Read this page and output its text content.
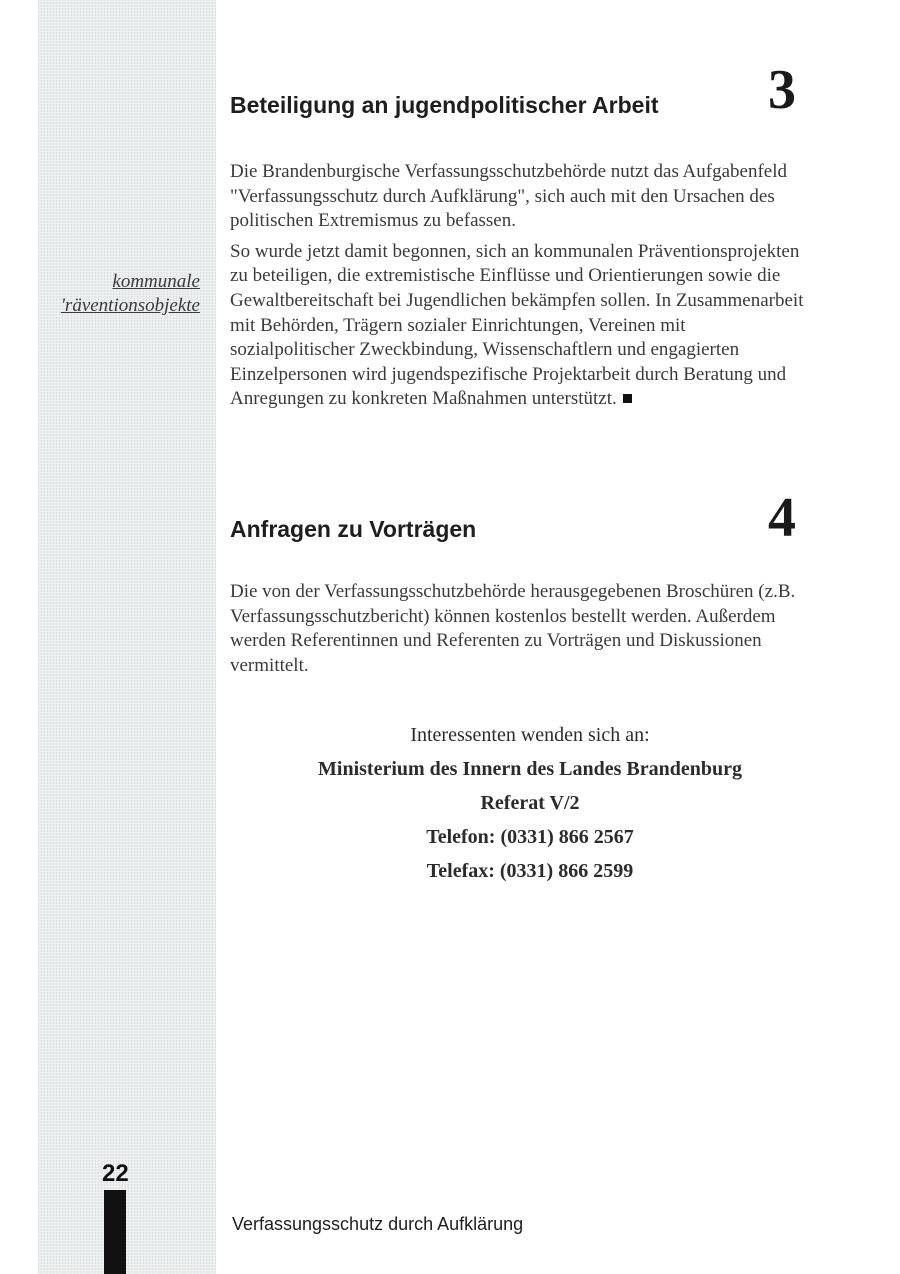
kommunale
'räventionsobjekte
Beteiligung an jugendpolitischer Arbeit 3

Die Brandenburgische Verfassungsschutzbehörde nutzt das Aufgabenfeld "Verfassungsschutz durch Aufklärung", sich auch mit den Ursachen des politischen Extremismus zu befassen.

So wurde jetzt damit begonnen, sich an kommunalen Präventionsprojekten zu beteiligen, die extremistische Einflüsse und Orientierungen sowie die Gewaltbereitschaft bei Jugendlichen bekämpfen sollen. In Zusammenarbeit mit Behörden, Trägern sozialer Einrichtungen, Vereinen mit sozialpolitischer Zweckbindung, Wissenschaftlern und engagierten Einzelpersonen wird jugendspezifische Projektarbeit durch Beratung und Anregungen zu konkreten Maßnahmen unterstützt.

Anfragen zu Vorträgen	4

Die von der Verfassungsschutzbehörde herausgegebenen Broschüren (z.B. Verfassungsschutzbericht) können kostenlos bestellt werden. Außerdem werden Referentinnen und Referenten zu Vorträgen und Diskussionen vermittelt.

Interessenten wenden sich an:
Ministerium des Innern des Landes Brandenburg
Referat V/2
Telefon: (0331) 866 2567
Telefax: (0331) 866 2599
22
Verfassungsschutz durch Aufklärung
